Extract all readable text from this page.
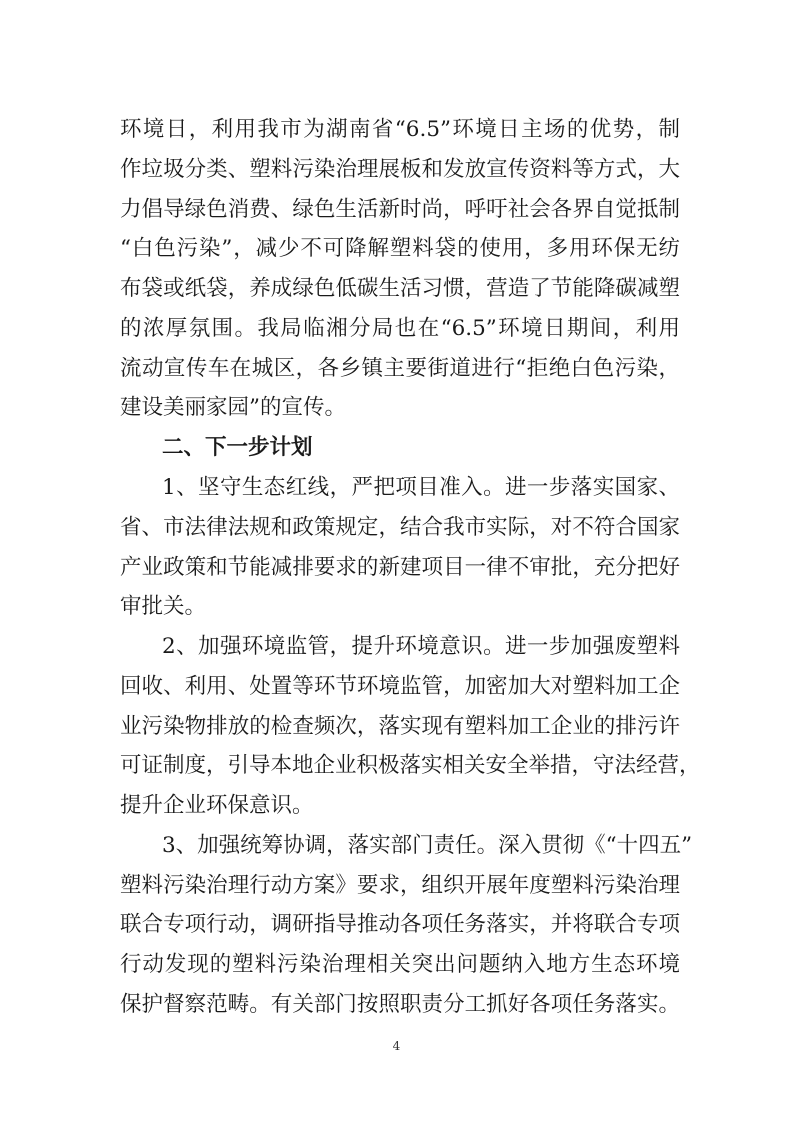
环境日，利用我市为湖南省“6.5”环境日主场的优势，制
作垃圾分类、塑料污染治理展板和发放宣传资料等方式，大
力倡导绿色消费、绿色生活新时尚，呼吁社会各界自觉抵制
“白色污染”，减少不可降解塑料袋的使用，多用环保无纺
布袋或纸袋，养成绿色低碳生活习惯，营造了节能降碳减塑
的浓厚氛围。我局临湘分局也在“6.5”环境日期间，利用
流动宣传车在城区，各乡镇主要街道进行“拒绝白色污染，
建设美丽家园”的宣传。
二、下一步计划
1、坚守生态红线，严把项目准入。进一步落实国家、
省、市法律法规和政策规定，结合我市实际，对不符合国家
产业政策和节能减排要求的新建项目一律不审批，充分把好
审批关。
2、加强环境监管，提升环境意识。进一步加强废塑料
回收、利用、处置等环节环境监管，加密加大对塑料加工企
业污染物排放的检查频次，落实现有塑料加工企业的排污许
可证制度，引导本地企业积极落实相关安全举措，守法经营，
提升企业环保意识。
3、加强统筹协调，落实部门责任。深入贯彻《“十四五”
塑料污染治理行动方案》要求，组织开展年度塑料污染治理
联合专项行动，调研指导推动各项任务落实，并将联合专项
行动发现的塑料污染治理相关突出问题纳入地方生态环境
保护督察范畴。有关部门按照职责分工抓好各项任务落实。
4
